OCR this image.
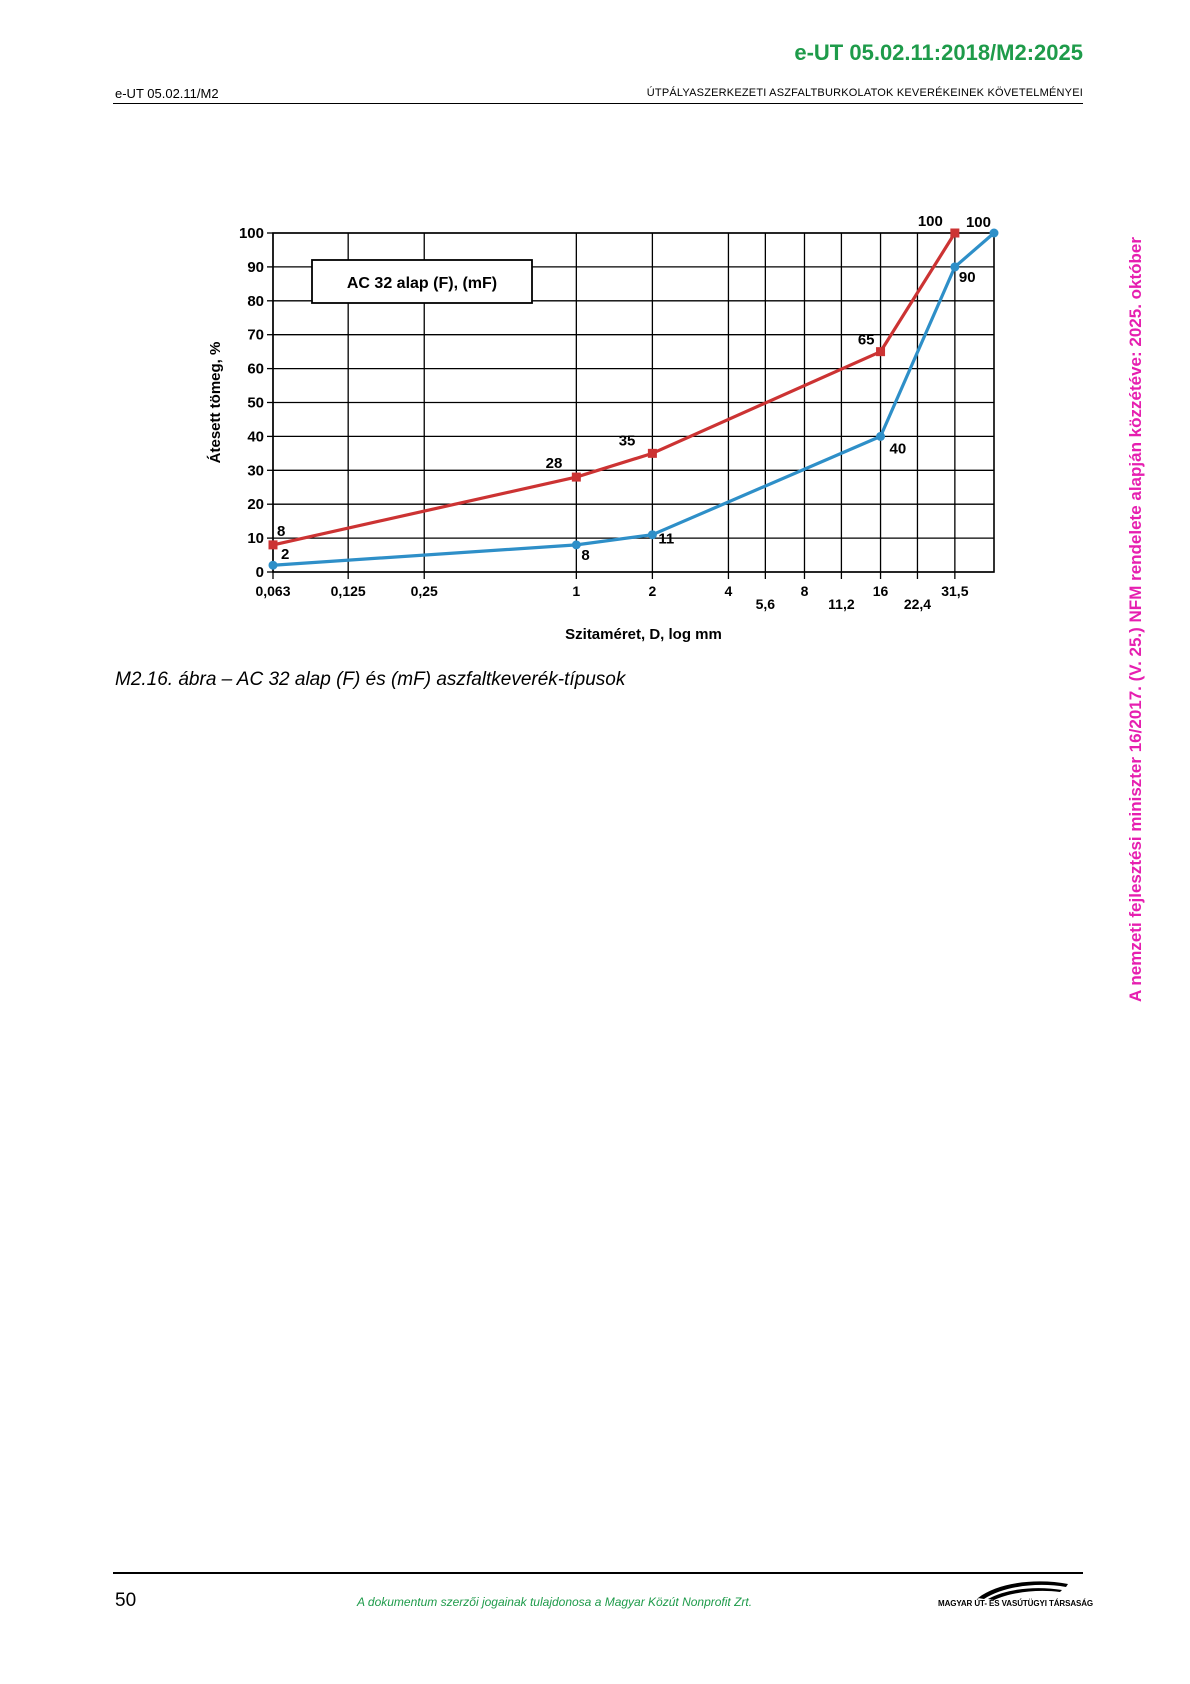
e-UT 05.02.11:2018/M2:2025
e-UT 05.02.11/M2	ÚTPÁLYASZERKEZETI ASZFALTBURKOLATOK KEVERÉKEINEK KÖVETELMÉNYEI
A nemzeti fejlesztési miniszter 16/2017. (V. 25.) NFM rendelete alapján közzétéve: 2025. október
0
10
20
30
40
50
60
70
80
90
100
0,063	0,125	0,25	1	2	4
5,6
8
11,2
16
22,4
31,5
Szitaméret, D, log mm
Átesett tömeg, %
AC 32 alap (F), (mF)
8
28
35
65
100
2	8
11
40
90
100

M2.16. ábra – AC 32 alap (F) és (mF) aszfaltkeverék-típusok

50	A dokumentum szerzői jogainak tulajdonosa a Magyar Közút Nonprofit Zrt.	MAGYAR ÚT- ÉS VASÚTÜGYI TÁRSASÁG
